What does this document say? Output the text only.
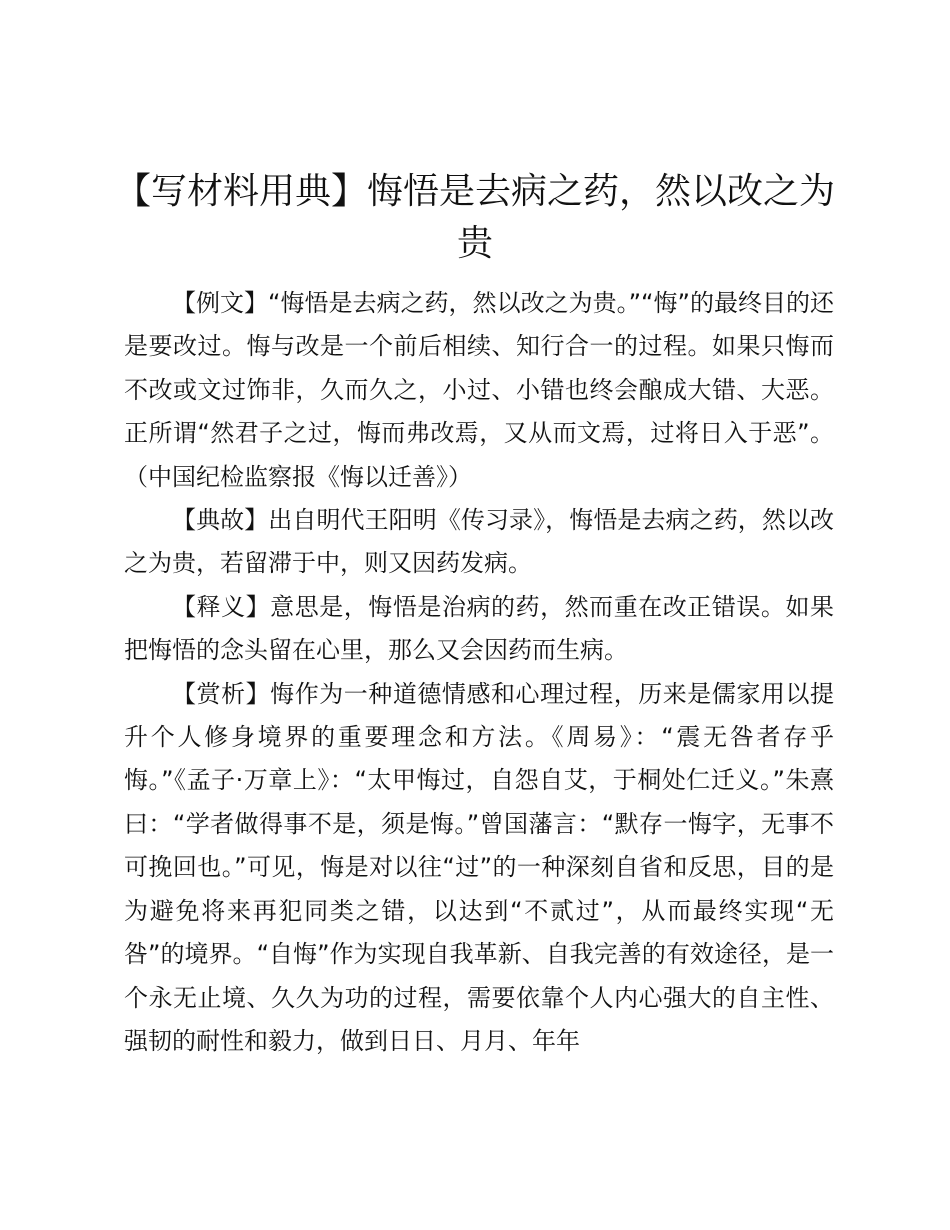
【写材料用典】悔悟是去病之药，然以改之为贵

【例文】“悔悟是去病之药，然以改之为贵。”“悔”的最终目的还是要改过。悔与改是一个前后相续、知行合一的过程。如果只悔而不改或文过饰非，久而久之，小过、小错也终会酿成大错、大恶。正所谓“然君子之过，悔而弗改焉，又从而文焉，过将日入于恶”。（中国纪检监察报《悔以迁善》）

【典故】出自明代王阳明《传习录》，悔悟是去病之药，然以改之为贵，若留滞于中，则又因药发病。

【释义】意思是，悔悟是治病的药，然而重在改正错误。如果把悔悟的念头留在心里，那么又会因药而生病。

【赏析】悔作为一种道德情感和心理过程，历来是儒家用以提升个人修身境界的重要理念和方法。《周易》：“震无咎者存乎悔。”《孟子·万章上》：“太甲悔过，自怨自艾，于桐处仁迁义。”朱熹曰：“学者做得事不是，须是悔。”曾国藩言：“默存一悔字，无事不可挽回也。”可见，悔是对以往“过”的一种深刻自省和反思，目的是为避免将来再犯同类之错，以达到“不贰过”，从而最终实现“无咎”的境界。“自悔”作为实现自我革新、自我完善的有效途径，是一个永无止境、久久为功的过程，需要依靠个人内心强大的自主性、强韧的耐性和毅力，做到日日、月月、年年
